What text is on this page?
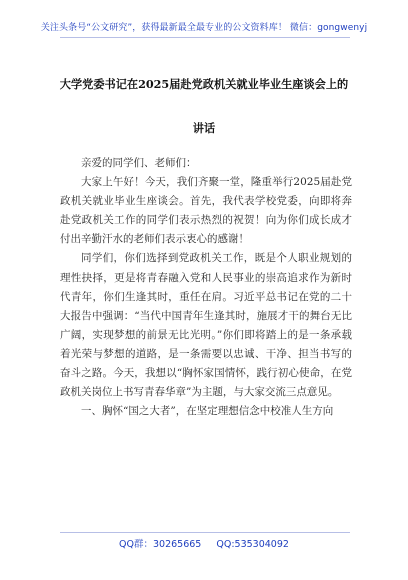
关注头条号“公文研究”，获得最新最全最专业的公文资料库！ 微信：gongwenyj
大学党委书记在2025届赴党政机关就业毕业生座谈会上的
讲话

亲爱的同学们、老师们：

大家上午好！今天，我们齐聚一堂，隆重举行2025届赴党政机关就业毕业生座谈会。首先，我代表学校党委，向即将奔赴党政机关工作的同学们表示热烈的祝贺！向为你们成长成才付出辛勤汗水的老师们表示衷心的感谢！

同学们，你们选择到党政机关工作，既是个人职业规划的理性抉择，更是将青春融入党和人民事业的崇高追求作为新时代青年，你们生逢其时，重任在肩。习近平总书记在党的二十大报告中强调：“当代中国青年生逢其时，施展才干的舞台无比广阔，实现梦想的前景无比光明。”你们即将踏上的是一条承载着光荣与梦想的道路，是一条需要以忠诚、干净、担当书写的奋斗之路。今天，我想以“胸怀家国情怀，践行初心使命，在党政机关岗位上书写青春华章”为主题，与大家交流三点意见。

一、胸怀“国之大者”，在坚定理想信念中校准人生方向

QQ群：30265665 QQ:535304092
